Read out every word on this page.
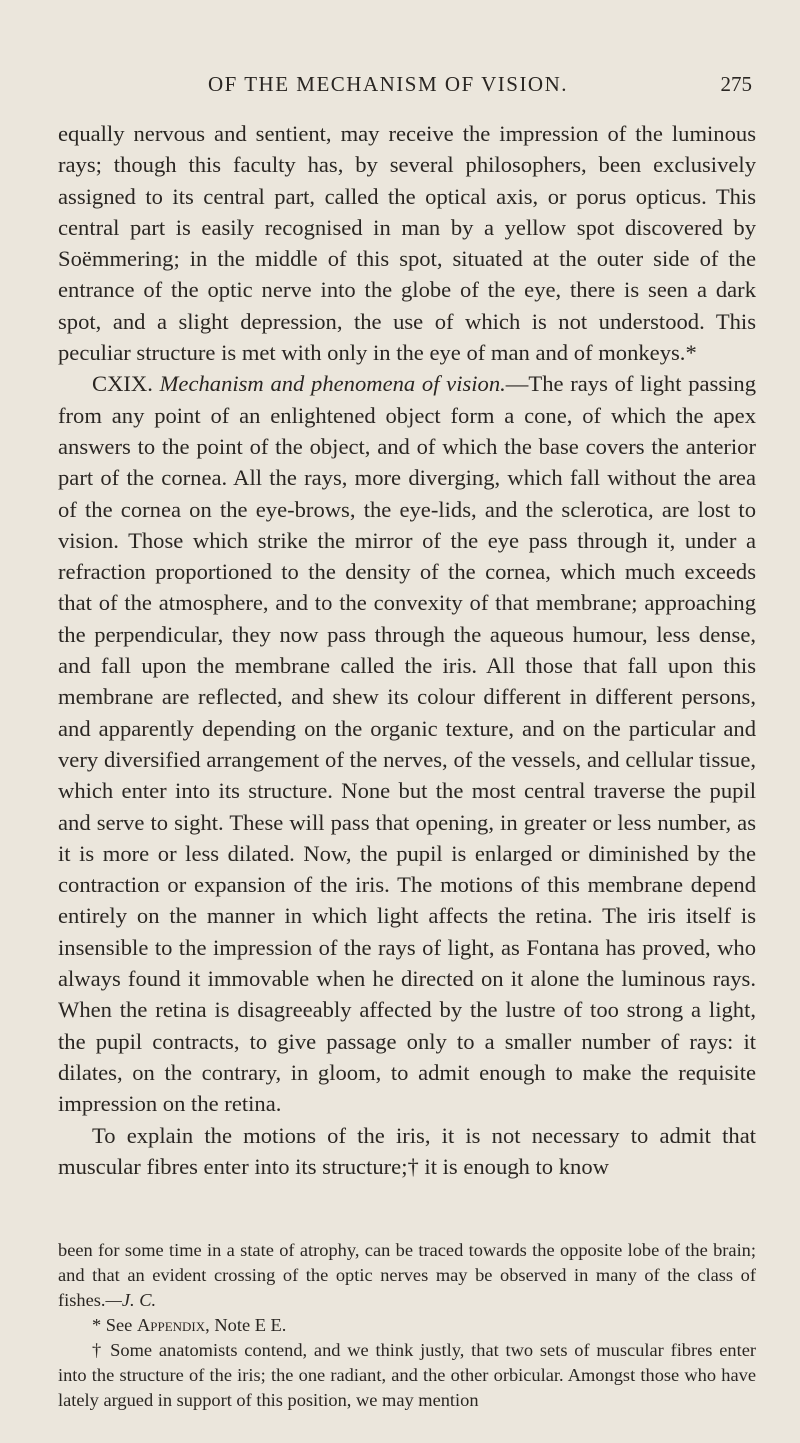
OF THE MECHANISM OF VISION.	275

equally nervous and sentient, may receive the impression of the luminous rays; though this faculty has, by several philosophers, been exclusively assigned to its central part, called the optical axis, or porus opticus. This central part is easily recognised in man by a yellow spot discovered by Soëmmering; in the middle of this spot, situated at the outer side of the entrance of the optic nerve into the globe of the eye, there is seen a dark spot, and a slight depression, the use of which is not understood. This peculiar structure is met with only in the eye of man and of monkeys.*

CXIX. Mechanism and phenomena of vision.—The rays of light passing from any point of an enlightened object form a cone, of which the apex answers to the point of the object, and of which the base covers the anterior part of the cornea. All the rays, more diverging, which fall without the area of the cornea on the eye-brows, the eye-lids, and the sclerotica, are lost to vision. Those which strike the mirror of the eye pass through it, under a refraction proportioned to the density of the cornea, which much exceeds that of the atmosphere, and to the convexity of that membrane; approaching the perpendicular, they now pass through the aqueous humour, less dense, and fall upon the membrane called the iris. All those that fall upon this membrane are reflected, and shew its colour different in different persons, and apparently depending on the organic texture, and on the particular and very diversified arrangement of the nerves, of the vessels, and cellular tissue, which enter into its structure. None but the most central traverse the pupil and serve to sight. These will pass that opening, in greater or less number, as it is more or less dilated. Now, the pupil is enlarged or diminished by the contraction or expansion of the iris. The motions of this membrane depend entirely on the manner in which light affects the retina. The iris itself is insensible to the impression of the rays of light, as Fontana has proved, who always found it immovable when he directed on it alone the luminous rays. When the retina is disagreeably affected by the lustre of too strong a light, the pupil contracts, to give passage only to a smaller number of rays: it dilates, on the contrary, in gloom, to admit enough to make the requisite impression on the retina.

To explain the motions of the iris, it is not necessary to admit that muscular fibres enter into its structure;† it is enough to know

been for some time in a state of atrophy, can be traced towards the opposite lobe of the brain; and that an evident crossing of the optic nerves may be observed in many of the class of fishes.—J. C.

* See Appendix, Note E E.

† Some anatomists contend, and we think justly, that two sets of muscular fibres enter into the structure of the iris; the one radiant, and the other orbicular. Amongst those who have lately argued in support of this position, we may mention
